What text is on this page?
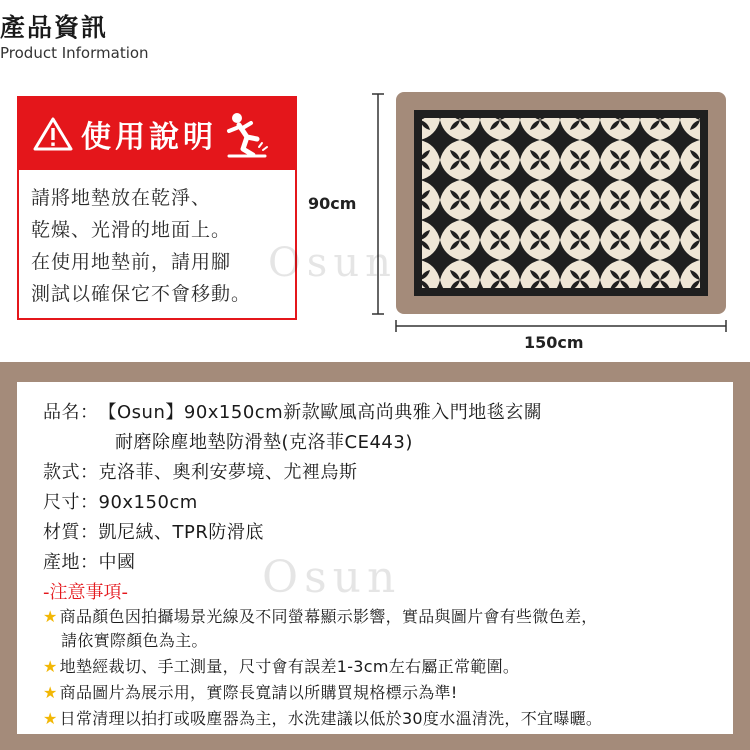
產品資訊
Product Information
使用說明
請將地墊放在乾淨、
乾燥、光滑的地面上。
在使用地墊前，請用腳
測試以確保它不會移動。
90cm
150cm
Osun
Osun
品名：【Osun】90x150cm新款歐風高尚典雅入門地毯玄關
耐磨除塵地墊防滑墊(克洛菲CE443)
款式：克洛菲、奧利安夢境、尤裡烏斯
尺寸：90x150cm
材質：凱尼絨、TPR防滑底
產地：中國
-注意事項-
★ 商品顏色因拍攝場景光線及不同螢幕顯示影響，實品與圖片會有些微色差，
請依實際顏色為主。
★ 地墊經裁切、手工測量，尺寸會有誤差1-3cm左右屬正常範圍。
★ 商品圖片為展示用，實際長寬請以所購買規格標示為準!
★ 日常清理以拍打或吸塵器為主，水洗建議以低於30度水溫清洗，不宜曝曬。
